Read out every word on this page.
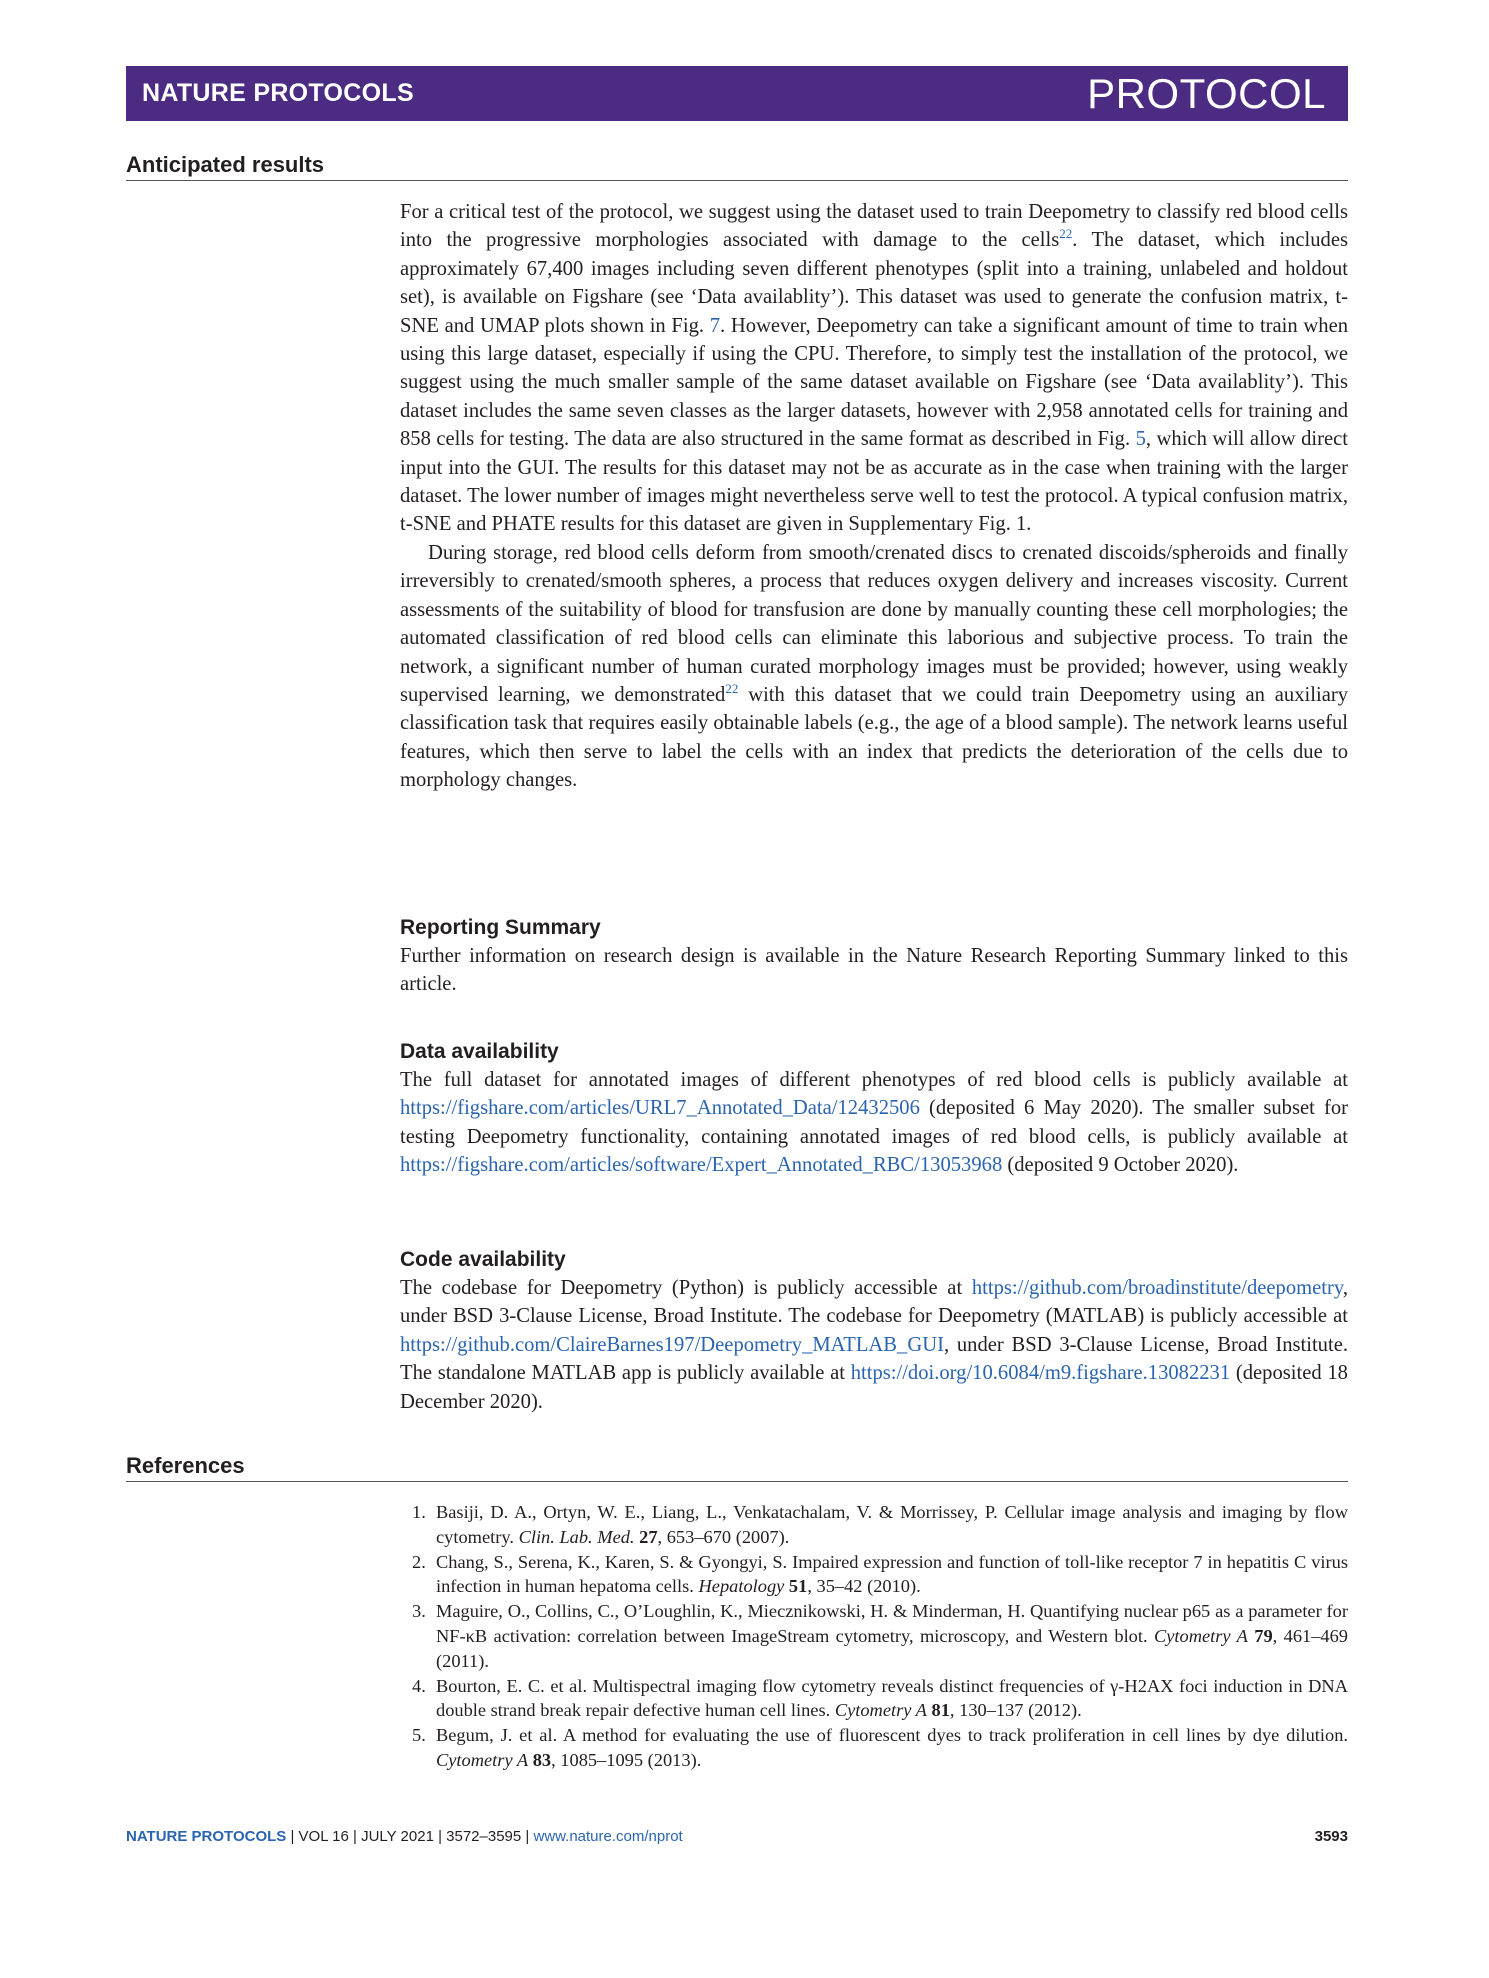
NATURE PROTOCOLS	PROTOCOL
Anticipated results

For a critical test of the protocol, we suggest using the dataset used to train Deepometry to classify red blood cells into the progressive morphologies associated with damage to the cells$^{22}$. The dataset, which includes approximately 67,400 images including seven different phenotypes (split into a training, unlabeled and holdout set), is available on Figshare (see ‘Data availablity’). This dataset was used to generate the confusion matrix, t-SNE and UMAP plots shown in Fig. 7. However, Deepometry can take a significant amount of time to train when using this large dataset, especially if using the CPU. Therefore, to simply test the installation of the protocol, we suggest using the much smaller sample of the same dataset available on Figshare (see ‘Data availablity’). This dataset includes the same seven classes as the larger datasets, however with 2,958 annotated cells for training and 858 cells for testing. The data are also structured in the same format as described in Fig. 5, which will allow direct input into the GUI. The results for this dataset may not be as accurate as in the case when training with the larger dataset. The lower number of images might nevertheless serve well to test the protocol. A typical confusion matrix, t-SNE and PHATE results for this dataset are given in Supplementary Fig. 1.

During storage, red blood cells deform from smooth/crenated discs to crenated discoids/spheroids and finally irreversibly to crenated/smooth spheres, a process that reduces oxygen delivery and increases viscosity. Current assessments of the suitability of blood for transfusion are done by manually counting these cell morphologies; the automated classification of red blood cells can eliminate this laborious and subjective process. To train the network, a significant number of human curated morphology images must be provided; however, using weakly supervised learning, we demonstrated$^{22}$ with this dataset that we could train Deepometry using an auxiliary classification task that requires easily obtainable labels (e.g., the age of a blood sample). The network learns useful features, which then serve to label the cells with an index that predicts the deterioration of the cells due to morphology changes.

Reporting Summary

Further information on research design is available in the Nature Research Reporting Summary linked to this article.

Data availability

The full dataset for annotated images of different phenotypes of red blood cells is publicly available at https://figshare.com/articles/URL7_Annotated_Data/12432506 (deposited 6 May 2020). The smaller subset for testing Deepometry functionality, containing annotated images of red blood cells, is publicly available at https://figshare.com/articles/software/Expert_Annotated_RBC/13053968 (deposited 9 October 2020).

Code availability

The codebase for Deepometry (Python) is publicly accessible at https://github.com/broadinstitute/deepometry, under BSD 3-Clause License, Broad Institute. The codebase for Deepometry (MATLAB) is publicly accessible at https://github.com/ClaireBarnes197/Deepometry_MATLAB_GUI, under BSD 3-Clause License, Broad Institute. The standalone MATLAB app is publicly available at https://doi.org/10.6084/m9.figshare.13082231 (deposited 18 December 2020).

References
1. Basiji, D. A., Ortyn, W. E., Liang, L., Venkatachalam, V. & Morrissey, P. Cellular image analysis and imaging by flow cytometry. Clin. Lab. Med. 27, 653–670 (2007).
2. Chang, S., Serena, K., Karen, S. & Gyongyi, S. Impaired expression and function of toll-like receptor 7 in hepatitis C virus infection in human hepatoma cells. Hepatology 51, 35–42 (2010).
3. Maguire, O., Collins, C., O’Loughlin, K., Miecznikowski, H. & Minderman, H. Quantifying nuclear p65 as a parameter for NF-κB activation: correlation between ImageStream cytometry, microscopy, and Western blot. Cytometry A 79, 461–469 (2011).
4. Bourton, E. C. et al. Multispectral imaging flow cytometry reveals distinct frequencies of γ-H2AX foci induction in DNA double strand break repair defective human cell lines. Cytometry A 81, 130–137 (2012).
5. Begum, J. et al. A method for evaluating the use of fluorescent dyes to track proliferation in cell lines by dye dilution. Cytometry A 83, 1085–1095 (2013).
NATURE PROTOCOLS | VOL 16 | JULY 2021 | 3572–3595 | www.nature.com/nprot	3593
